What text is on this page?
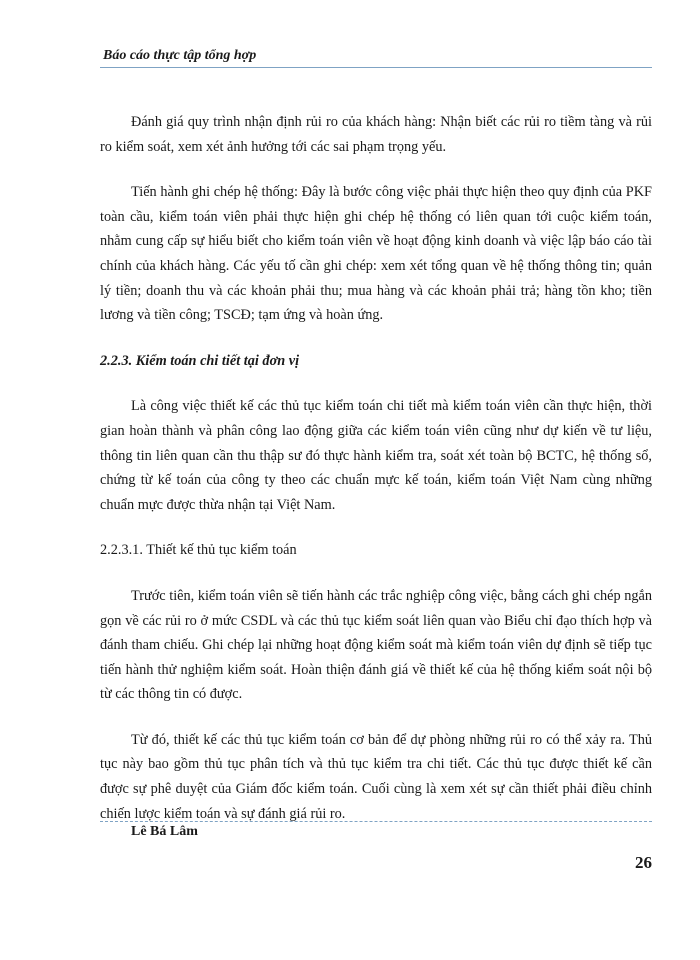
Báo cáo thực tập tổng hợp

Đánh giá quy trình nhận định rủi ro của khách hàng: Nhận biết các rủi ro tiềm tàng và rủi ro kiểm soát, xem xét ảnh hưởng tới các sai phạm trọng yếu.

Tiến hành ghi chép hệ thống: Đây là bước công việc phải thực hiện theo quy định của PKF toàn cầu, kiểm toán viên phải thực hiện ghi chép hệ thống có liên quan tới cuộc kiểm toán, nhằm cung cấp sự hiểu biết cho kiểm toán viên về hoạt động kinh doanh và việc lập báo cáo tài chính của khách hàng. Các yếu tố cần ghi chép: xem xét tổng quan về hệ thống thông tin; quản lý tiền; doanh thu và các khoản phải thu; mua hàng và các khoản phải trả; hàng tồn kho; tiền lương và tiền công; TSCĐ; tạm ứng và hoàn ứng.

2.2.3. Kiểm toán chi tiết tại đơn vị

Là công việc thiết kế các thủ tục kiểm toán chi tiết mà kiểm toán viên cần thực hiện, thời gian hoàn thành và phân công lao động giữa các kiểm toán viên cũng như dự kiến về tư liệu, thông tin liên quan cần thu thập sư đó thực hành kiểm tra, soát xét toàn bộ BCTC, hệ thống sổ, chứng từ kế toán của công ty theo các chuẩn mực kế toán, kiểm toán Việt Nam cùng những chuẩn mực được thừa nhận tại Việt Nam.

2.2.3.1. Thiết kế thủ tục kiểm toán

Trước tiên, kiểm toán viên sẽ tiến hành các trắc nghiệp công việc, bằng cách ghi chép ngắn gọn về các rủi ro ở mức CSDL và các thủ tục kiểm soát liên quan vào Biểu chỉ đạo thích hợp và đánh tham chiếu. Ghi chép lại những hoạt động kiểm soát mà kiểm toán viên dự định sẽ tiếp tục tiến hành thử nghiệm kiểm soát. Hoàn thiện đánh giá về thiết kế của hệ thống kiểm soát nội bộ từ các thông tin có được.

Từ đó, thiết kế các thủ tục kiểm toán cơ bản để dự phòng những rủi ro có thể xảy ra. Thủ tục này bao gồm thủ tục phân tích và thủ tục kiểm tra chi tiết. Các thủ tục được thiết kế cần được sự phê duyệt của Giám đốc kiểm toán. Cuối cùng là xem xét sự cần thiết phải điều chỉnh chiến lược kiểm toán và sự đánh giá rủi ro.

Lê Bá Lâm
26
